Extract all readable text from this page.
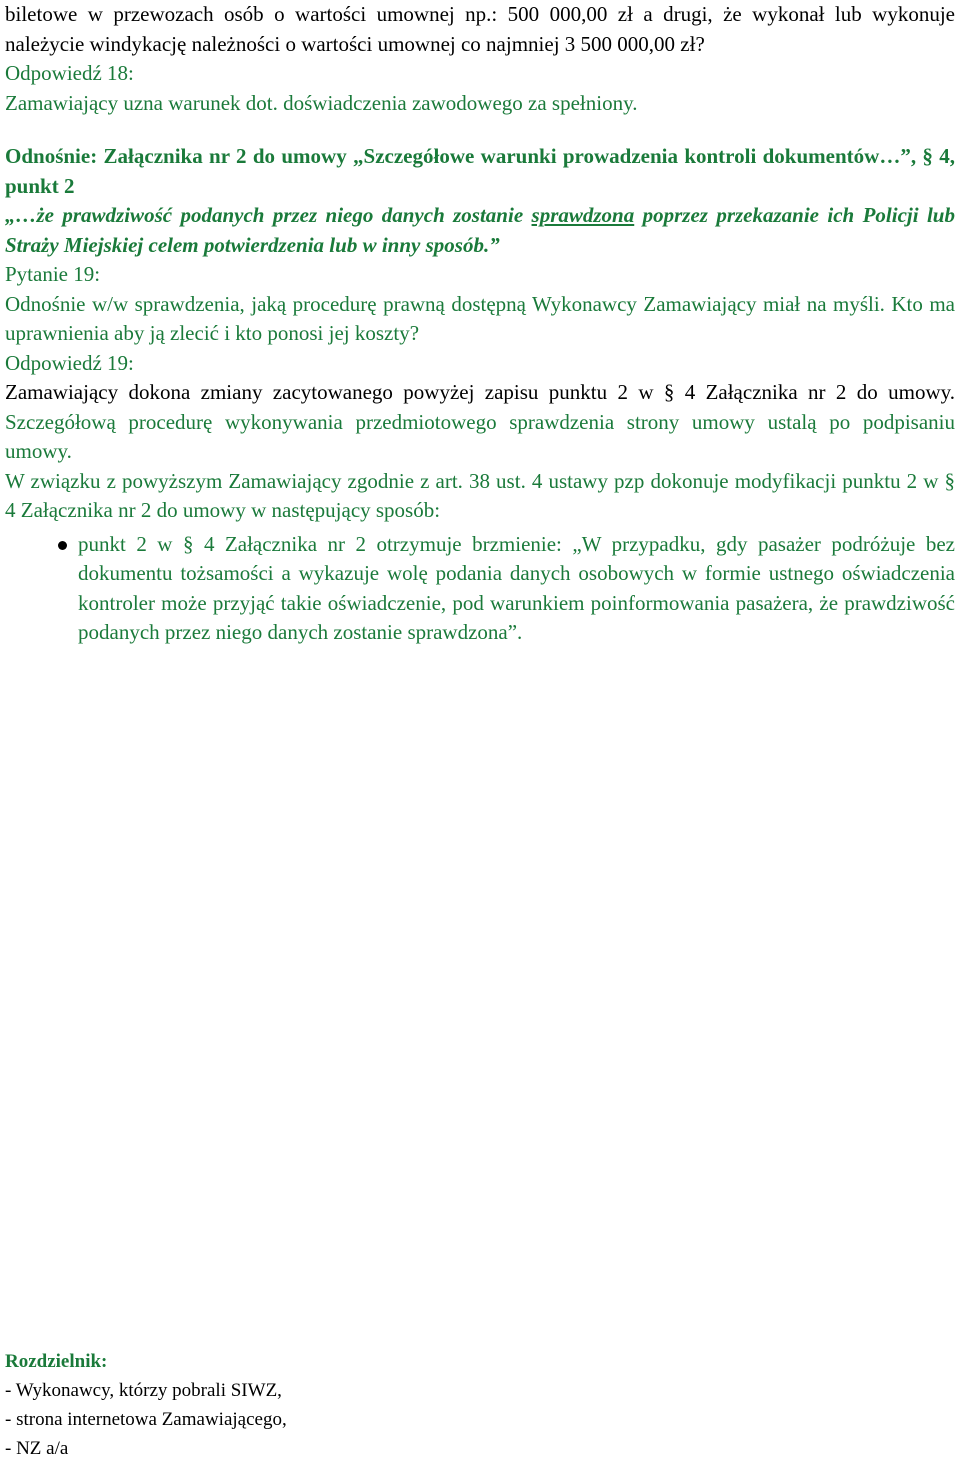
biletowe w przewozach osób o wartości umownej np.: 500 000,00 zł a drugi, że wykonał lub wykonuje należycie windykację należności o wartości umownej co najmniej 3 500 000,00 zł?

Odpowiedź 18:

Zamawiający uzna warunek dot. doświadczenia zawodowego za spełniony.

Odnośnie: Załącznika nr 2 do umowy „Szczegółowe warunki prowadzenia kontroli dokumentów…”, § 4, punkt 2

„…że prawdziwość podanych przez niego danych zostanie sprawdzona poprzez przekazanie ich Policji lub Straży Miejskiej celem potwierdzenia lub w inny sposób.”

Pytanie 19:

Odnośnie w/w sprawdzenia, jaką procedurę prawną dostępną Wykonawcy Zamawiający miał na myśli. Kto ma uprawnienia aby ją zlecić i kto ponosi jej koszty?

Odpowiedź 19:

Zamawiający dokona zmiany zacytowanego powyżej zapisu punktu 2 w § 4 Załącznika nr 2 do umowy. Szczegółową procedurę wykonywania przedmiotowego sprawdzenia strony umowy ustalą po podpisaniu umowy.

W związku z powyższym Zamawiający zgodnie z art. 38 ust. 4 ustawy pzp dokonuje modyfikacji punktu 2 w § 4 Załącznika nr 2 do umowy w następujący sposób:

punkt 2 w § 4 Załącznika nr 2 otrzymuje brzmienie: „W przypadku, gdy pasażer podróżuje bez dokumentu tożsamości a wykazuje wolę podania danych osobowych w formie ustnego oświadczenia kontroler może przyjąć takie oświadczenie, pod warunkiem poinformowania pasażera, że prawdziwość podanych przez niego danych zostanie sprawdzona”.

Rozdzielnik:

- Wykonawcy, którzy pobrali SIWZ,

- strona internetowa Zamawiającego,

- NZ a/a
